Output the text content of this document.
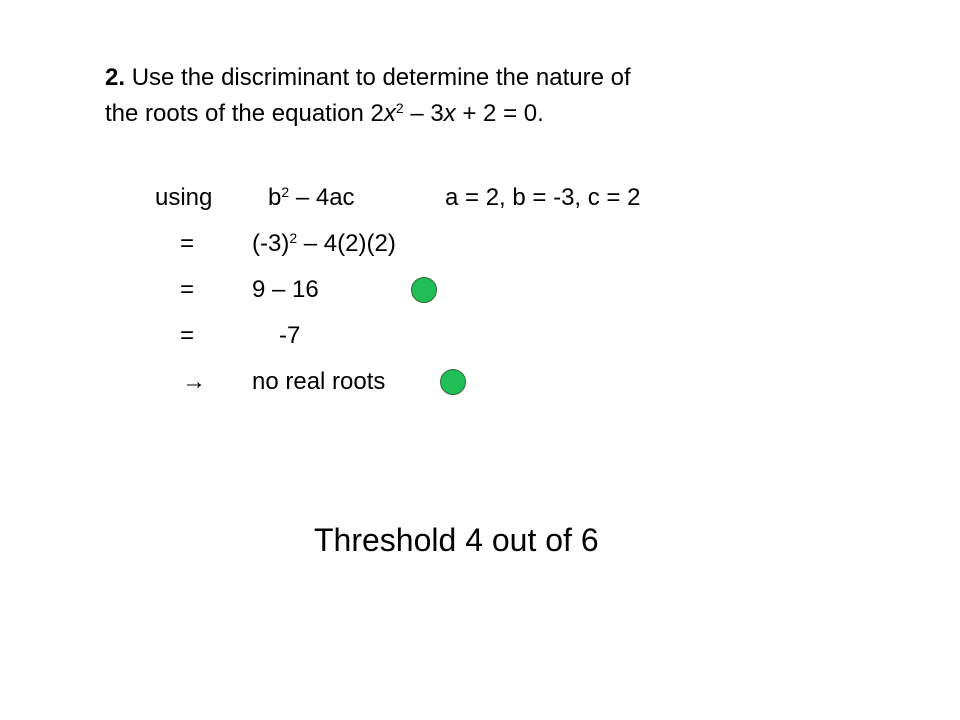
2. Use the discriminant to determine the nature of
the roots of the equation $2x^2 - 3x + 2 = 0$.
using $b^2 - 4ac$	a = 2, b = -3, c = 2
= $(-3)^2 - 4(2)(2)$
= 9 – 16
=	-7
→ no real roots
Threshold 4 out of 6
